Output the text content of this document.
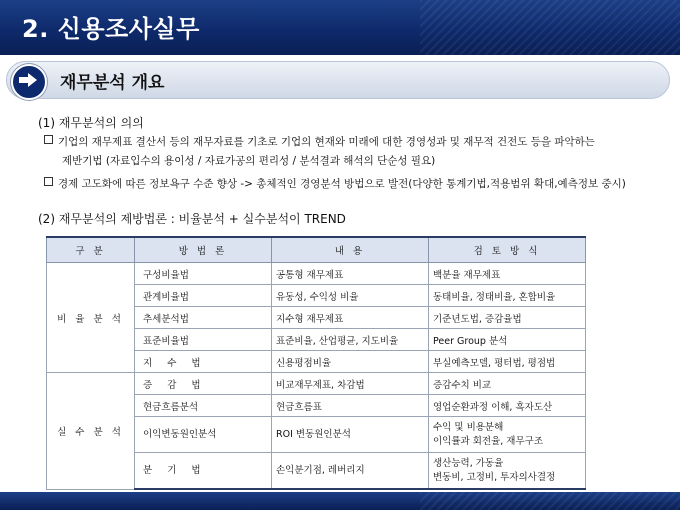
2. 신용조사실무
재무분석 개요
(1) 재무분석의 의의
기업의 재무제표 결산서 등의 재무자료를 기초로 기업의 현재와 미래에 대한 경영성과 및 재무적 건전도 등을 파악하는
제반기법 (자료입수의 용이성 / 자료가공의 편리성 / 분석결과 해석의 단순성 필요)
경제 고도화에 따른 정보욕구 수준 향상 -> 총체적인 경영분석 방법으로 발전(다양한 통계기법,적용범위 확대,예측정보 중시)
(2) 재무분석의 제방법론 : 비율분석 + 실수분석이 TREND
구 분	방 법 론	내 용	검 토 방 식
비 율 분 석	구성비율법	공통형 재무제표	백분율 재무제표
	관계비율법	유동성, 수익성 비율	동태비율, 정태비율, 혼합비율
	추세분석법	지수형 재무제표	기준년도법, 증감율법
	표준비율법	표준비율, 산업평균, 지도비율	Peer Group 분석
	지 수 법	신용평점비율	부실예측모델, 평터법, 평점법
실 수 분 석	증 감 법	비교재무제표, 차감법	증감수치 비교
	현금흐름분석	현금흐름표	영업순환과정 이해, 흑자도산
	이익변동원인분석	ROI 변동원인분석	수익 및 비용분해
이익률과 회전율, 재무구조

	분 기 법	손익분기점, 레버리지	생산능력, 가동율
변동비, 고정비, 투자의사결정
